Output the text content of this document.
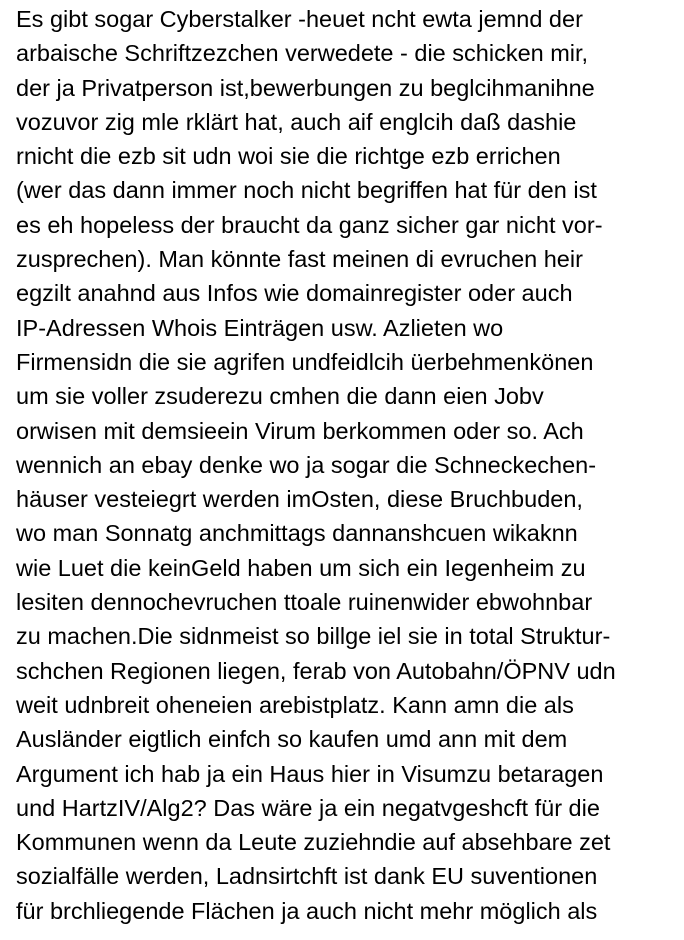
Es gibt sogar Cyberstalker -heuet ncht ewta jemnd der
arbaische Schriftzezchen verwedete - die schicken mir,
der ja Privatperson ist,bewerbungen zu beglcihmanihne
vozuvor zig mle rklärt hat, auch aif englcih daß dashie
rnicht die ezb sit udn woi sie die richtge ezb errichen
(wer das dann immer noch nicht begriffen hat für den ist
es eh hopeless der braucht da ganz sicher gar nicht vor-
zusprechen). Man könnte fast meinen di evruchen heir
egzilt anahnd aus Infos wie domainregister oder auch
IP-Adressen Whois Einträgen usw. Azlieten wo
Firmensidn die sie agrifen undfeidlcih üerbehmenkönen
um sie voller zsuderezu cmhen die dann eien Jobv
orwisen mit demsieein Virum berkommen oder so. Ach
wennich an ebay denke wo ja sogar die Schneckechen-
häuser vesteiegrt werden imOsten, diese Bruchbuden,
wo man Sonnatg anchmittags dannanshcuen wikaknn
wie Luet die keinGeld haben um sich ein Iegenheim zu
lesiten dennochevruchen ttoale ruinenwider ebwohnbar
zu machen.Die sidnmeist so billge iel sie in total Struktur-
schchen Regionen liegen, ferab von Autobahn/ÖPNV udn
weit udnbreit oheneien arebistplatz. Kann amn die als
Ausländer eigtlich einfch so kaufen umd ann mit dem
Argument ich hab ja ein Haus hier in Visumzu betaragen
und HartzIV/Alg2? Das wäre ja ein negatvgeshcft für die
Kommunen wenn da Leute zuziehndie auf absehbare zet
sozialfälle werden, Ladnsirtchft ist dank EU suventionen
für brchliegende Flächen ja auch nicht mehr möglich als
